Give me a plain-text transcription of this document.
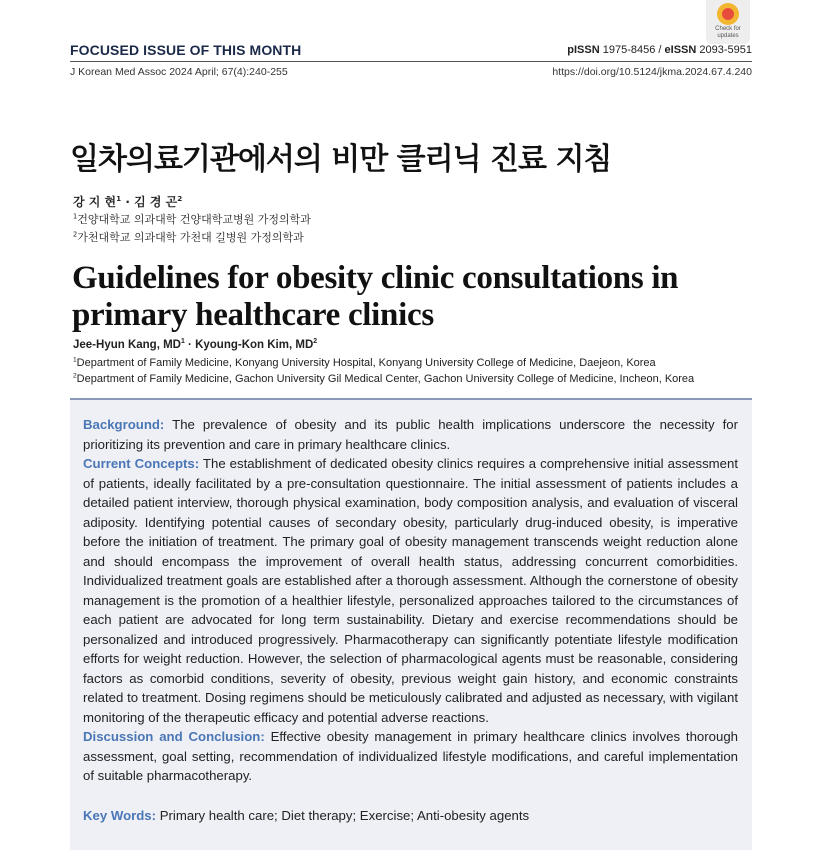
FOCUSED ISSUE OF THIS MONTH	pISSN 1975-8456 / eISSN 2093-5951
J Korean Med Assoc 2024 April; 67(4):240-255	https://doi.org/10.5124/jkma.2024.67.4.240
Check for
updates
일차의료기관에서의 비만 클리닉 진료 지침
강 지 현$^1$ · 김 경 곤$^2$
$^1$건양대학교 의과대학 건양대학교병원 가정의학과
$^2$가천대학교 의과대학 가천대 길병원 가정의학과
Guidelines for obesity clinic consultations in
primary healthcare clinics
Jee-Hyun Kang, $MD^1$ · Kyoung-Kon Kim, $MD^2$
$^1$Department of Family Medicine, Konyang University Hospital, Konyang University College of Medicine, Daejeon, Korea
$^2$Department of Family Medicine, Gachon University Gil Medical Center, Gachon University College of Medicine, Incheon, Korea

Background: The prevalence of obesity and its public health implications underscore the necessity for prioritizing its prevention and care in primary healthcare clinics.

Current Concepts: The establishment of dedicated obesity clinics requires a comprehensive initial assessment of patients, ideally facilitated by a pre-consultation questionnaire. The initial assessment of patients includes a detailed patient interview, thorough physical examination, body composition analysis, and evaluation of visceral adiposity. Identifying potential causes of secondary obesity, particularly drug-induced obesity, is imperative before the initiation of treatment. The primary goal of obesity management transcends weight reduction alone and should encompass the improvement of overall health status, addressing concurrent comorbidities. Individualized treatment goals are established after a thorough assessment. Although the cornerstone of obesity management is the promotion of a healthier lifestyle, personalized approaches tailored to the circumstances of each patient are advocated for long term sustainability. Dietary and exercise recommendations should be personalized and introduced progressively. Pharmacotherapy can significantly potentiate lifestyle modification efforts for weight reduction. However, the selection of pharmacological agents must be reasonable, considering factors as comorbid conditions, severity of obesity, previous weight gain history, and economic constraints related to treatment. Dosing regimens should be meticulously calibrated and adjusted as necessary, with vigilant monitoring of the therapeutic efficacy and potential adverse reactions.

Discussion and Conclusion: Effective obesity management in primary healthcare clinics involves thorough assessment, goal setting, recommendation of individualized lifestyle modifications, and careful implementation of suitable pharmacotherapy.

Key Words: Primary health care; Diet therapy; Exercise; Anti-obesity agents
